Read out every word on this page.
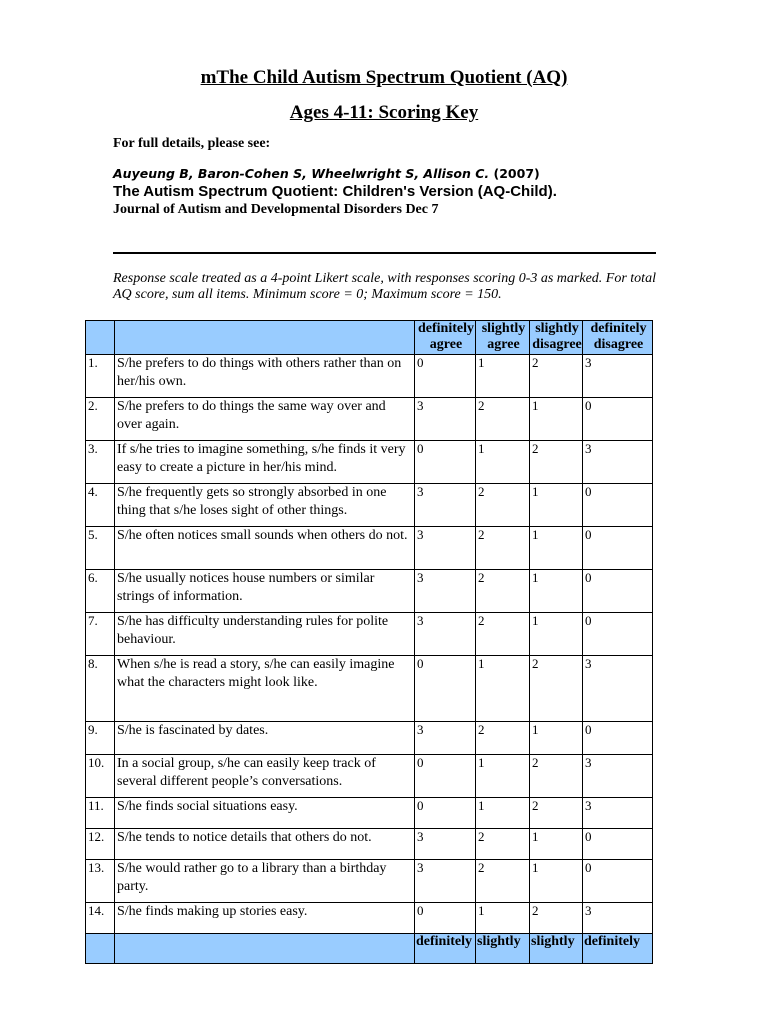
mThe Child Autism Spectrum Quotient (AQ)
Ages 4-11: Scoring Key
For full details, please see:
Auyeung B, Baron-Cohen S, Wheelwright S, Allison C. (2007)
The Autism Spectrum Quotient: Children's Version (AQ-Child).
Journal of Autism and Developmental Disorders Dec 7
Response scale treated as a 4-point Likert scale, with responses scoring 0-3 as marked. For total AQ score, sum all items. Minimum score = 0; Maximum score = 150.
		definitely agree	slightly agree	slightly disagree	definitely disagree
1.	S/he prefers to do things with others rather than on her/his own.	0	1	2	3
2.	S/he prefers to do things the same way over and over again.	3	2	1	0
3.	If s/he tries to imagine something, s/he finds it very easy to create a picture in her/his mind.	0	1	2	3
4.	S/he frequently gets so strongly absorbed in one thing that s/he loses sight of other things.	3	2	1	0
5.	S/he often notices small sounds when others do not.	3	2	1	0
6.	S/he usually notices house numbers or similar strings of information.	3	2	1	0
7.	S/he has difficulty understanding rules for polite behaviour.	3	2	1	0
8.	When s/he is read a story, s/he can easily imagine what the characters might look like.	0	1	2	3
9.	S/he is fascinated by dates.	3	2	1	0
10.	In a social group, s/he can easily keep track of several different people’s conversations.	0	1	2	3
11.	S/he finds social situations easy.	0	1	2	3
12.	S/he tends to notice details that others do not.	3	2	1	0
13.	S/he would rather go to a library than a birthday party.	3	2	1	0
14.	S/he finds making up stories easy.	0	1	2	3
		definitely	slightly	slightly	definitely
